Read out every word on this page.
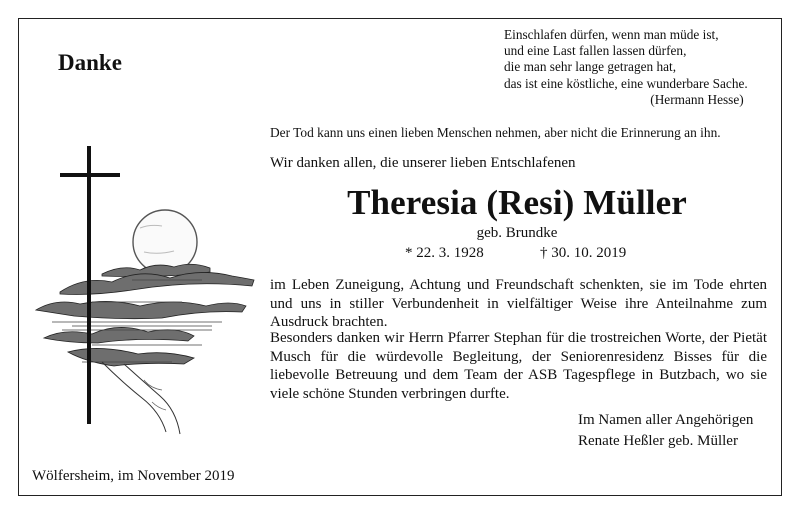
Danke
Einschlafen dürfen, wenn man müde ist,
und eine Last fallen lassen dürfen,
die man sehr lange getragen hat,
das ist eine köstliche, eine wunderbare Sache.
(Hermann Hesse)
Der Tod kann uns einen lieben Menschen nehmen, aber nicht die Erinnerung an ihn.
Wir danken allen, die unserer lieben Entschlafenen
Theresia (Resi) Müller
geb. Brundke
* 22. 3. 1928	† 30. 10. 2019
im Leben Zuneigung, Achtung und Freundschaft schenkten, sie im Tode ehrten und uns in stiller Verbundenheit in vielfältiger Weise ihre Anteilnahme zum Ausdruck brachten.
Besonders danken wir Herrn Pfarrer Stephan für die trostreichen Worte, der Pietät Musch für die würdevolle Begleitung, der Seniorenresidenz Bisses für die liebevolle Betreuung und dem Team der ASB Tagespflege in Butzbach, wo sie viele schöne Stunden verbringen durfte.
Im Namen aller Angehörigen
Renate Heßler geb. Müller
Wölfersheim, im November 2019
